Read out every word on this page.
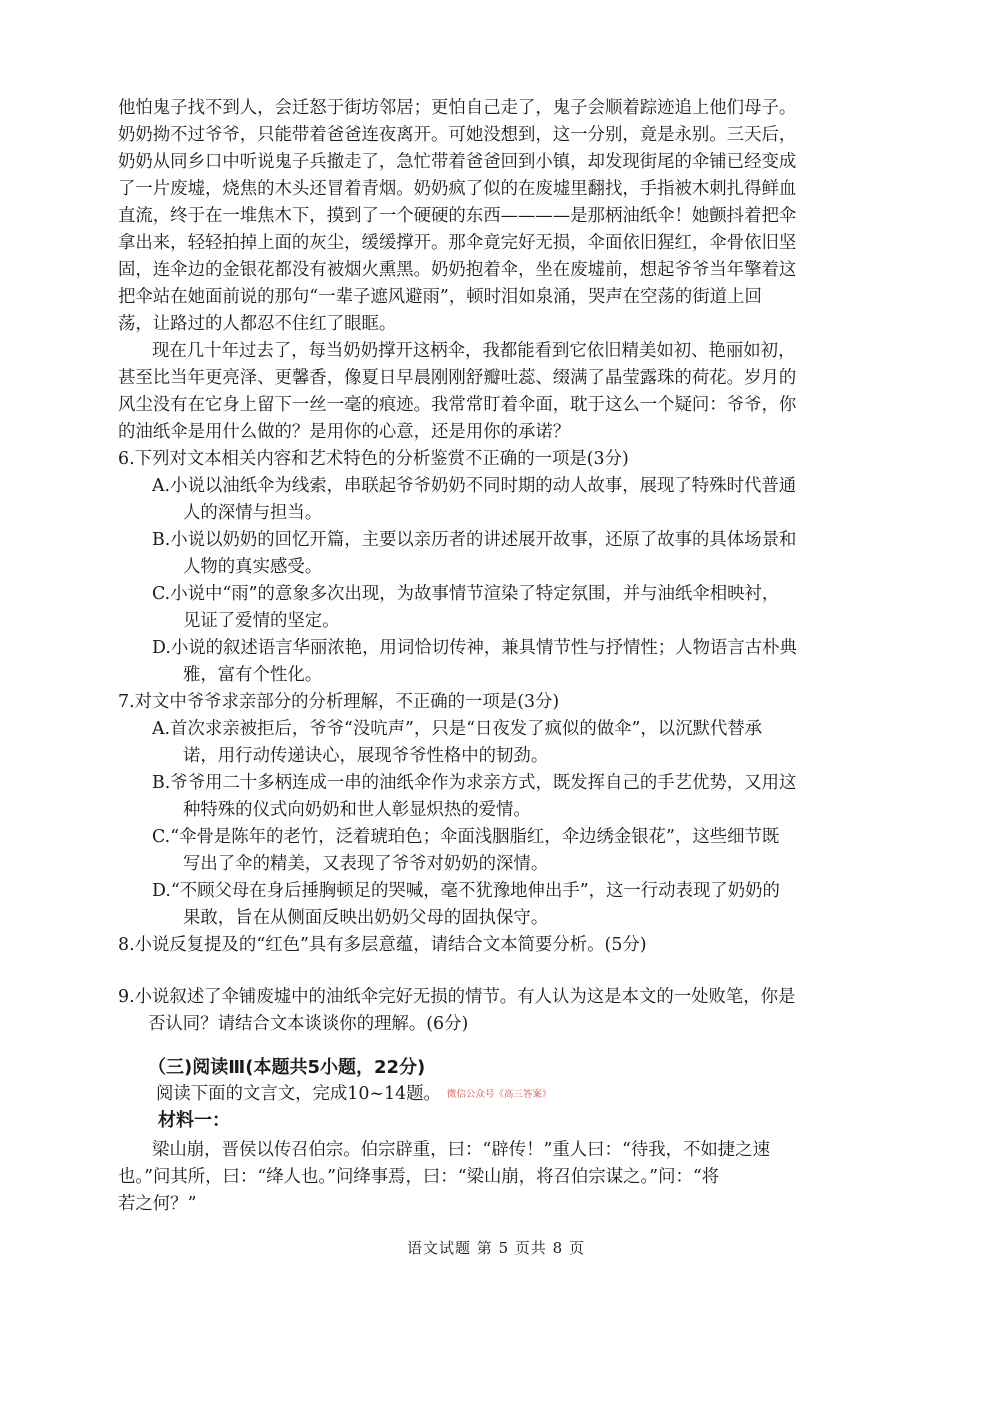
他怕鬼子找不到人，会迁怒于街坊邻居；更怕自己走了，鬼子会顺着踪迹追上他们母子。
奶奶拗不过爷爷，只能带着爸爸连夜离开。可她没想到，这一分别，竟是永别。三天后，
奶奶从同乡口中听说鬼子兵撤走了，急忙带着爸爸回到小镇，却发现街尾的伞铺已经变成
了一片废墟，烧焦的木头还冒着青烟。奶奶疯了似的在废墟里翻找，手指被木刺扎得鲜血
直流，终于在一堆焦木下，摸到了一个硬硬的东西————是那柄油纸伞！她颤抖着把伞
拿出来，轻轻拍掉上面的灰尘，缓缓撑开。那伞竟完好无损，伞面依旧猩红，伞骨依旧坚
固，连伞边的金银花都没有被烟火熏黑。奶奶抱着伞，坐在废墟前，想起爷爷当年擎着这
把伞站在她面前说的那句“一辈子遮风避雨”，顿时泪如泉涌，哭声在空荡的街道上回
荡，让路过的人都忍不住红了眼眶。
现在几十年过去了，每当奶奶撑开这柄伞，我都能看到它依旧精美如初、艳丽如初，
甚至比当年更亮泽、更馨香，像夏日早晨刚刚舒瓣吐蕊、缀满了晶莹露珠的荷花。岁月的
风尘没有在它身上留下一丝一毫的痕迹。我常常盯着伞面，耽于这么一个疑问：爷爷，你
的油纸伞是用什么做的？是用你的心意，还是用你的承诺？
6.下列对文本相关内容和艺术特色的分析鉴赏不正确的一项是(3分)
A.小说以油纸伞为线索，串联起爷爷奶奶不同时期的动人故事，展现了特殊时代普通
人的深情与担当。
B.小说以奶奶的回忆开篇，主要以亲历者的讲述展开故事，还原了故事的具体场景和
人物的真实感受。
C.小说中“雨”的意象多次出现，为故事情节渲染了特定氛围，并与油纸伞相映衬，
见证了爱情的坚定。
D.小说的叙述语言华丽浓艳，用词恰切传神，兼具情节性与抒情性；人物语言古朴典
雅，富有个性化。
7.对文中爷爷求亲部分的分析理解，不正确的一项是(3分)
A.首次求亲被拒后，爷爷“没吭声”，只是“日夜发了疯似的做伞”，以沉默代替承
诺，用行动传递诀心，展现爷爷性格中的韧劲。
B.爷爷用二十多柄连成一串的油纸伞作为求亲方式，既发挥自己的手艺优势，又用这
种特殊的仪式向奶奶和世人彰显炽热的爱情。
C.“伞骨是陈年的老竹，泛着琥珀色；伞面浅胭脂红，伞边绣金银花”，这些细节既
写出了伞的精美，又表现了爷爷对奶奶的深情。
D.“不顾父母在身后捶胸顿足的哭喊，毫不犹豫地伸出手”，这一行动表现了奶奶的
果敢，旨在从侧面反映出奶奶父母的固执保守。
8.小说反复提及的“红色”具有多层意蕴，请结合文本简要分析。(5分)
9.小说叙述了伞铺废墟中的油纸伞完好无损的情节。有人认为这是本文的一处败笔，你是
否认同？请结合文本谈谈你的理解。(6分)
（三)阅读Ⅲ(本题共5小题，22分)
阅读下面的文言文，完成10~14题。 微信公众号《高三答案》
材料一：
梁山崩，晋侯以传召伯宗。伯宗辟重，曰：“辟传！”重人曰：“待我，不如捷之速
也。”问其所，曰：“绛人也。”问绛事焉，曰：“梁山崩，将召伯宗谋之。”问：“将
若之何？”
语文试题 第 5 页共 8 页
